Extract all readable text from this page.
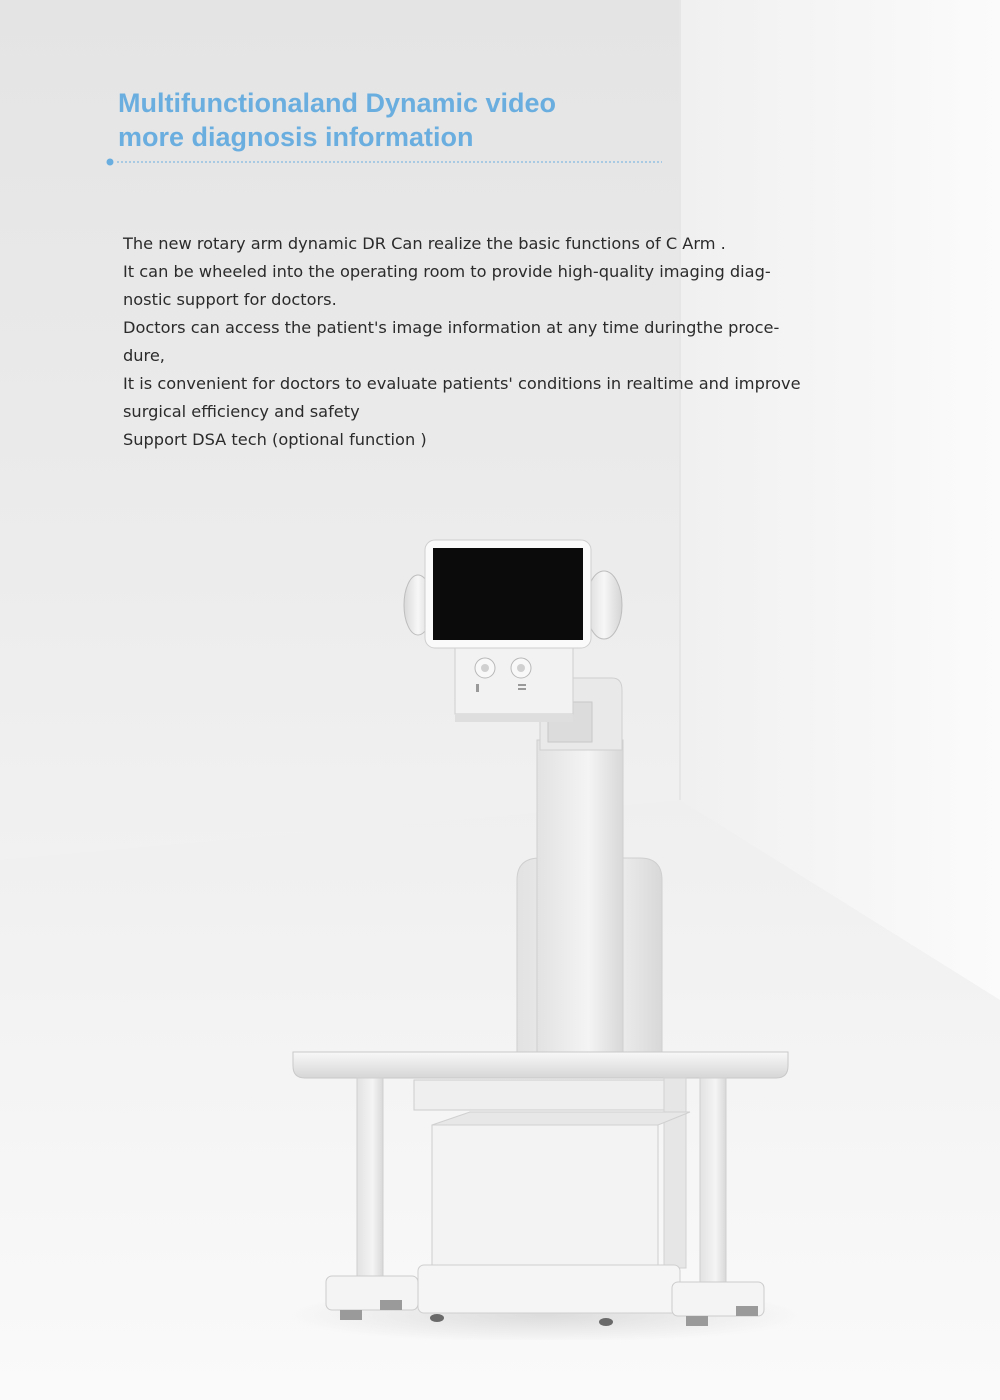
Multifunctionaland Dynamic video
more diagnosis information

The new rotary arm dynamic DR Can realize the basic functions of C Arm .

It can be wheeled into the operating room to provide high-quality imaging diag-

nostic support for doctors.

Doctors can access the patient's image information at any time duringthe proce-

dure,

It is convenient for doctors to evaluate patients' conditions in realtime and improve

surgical efficiency and safety

Support DSA tech (optional function )
